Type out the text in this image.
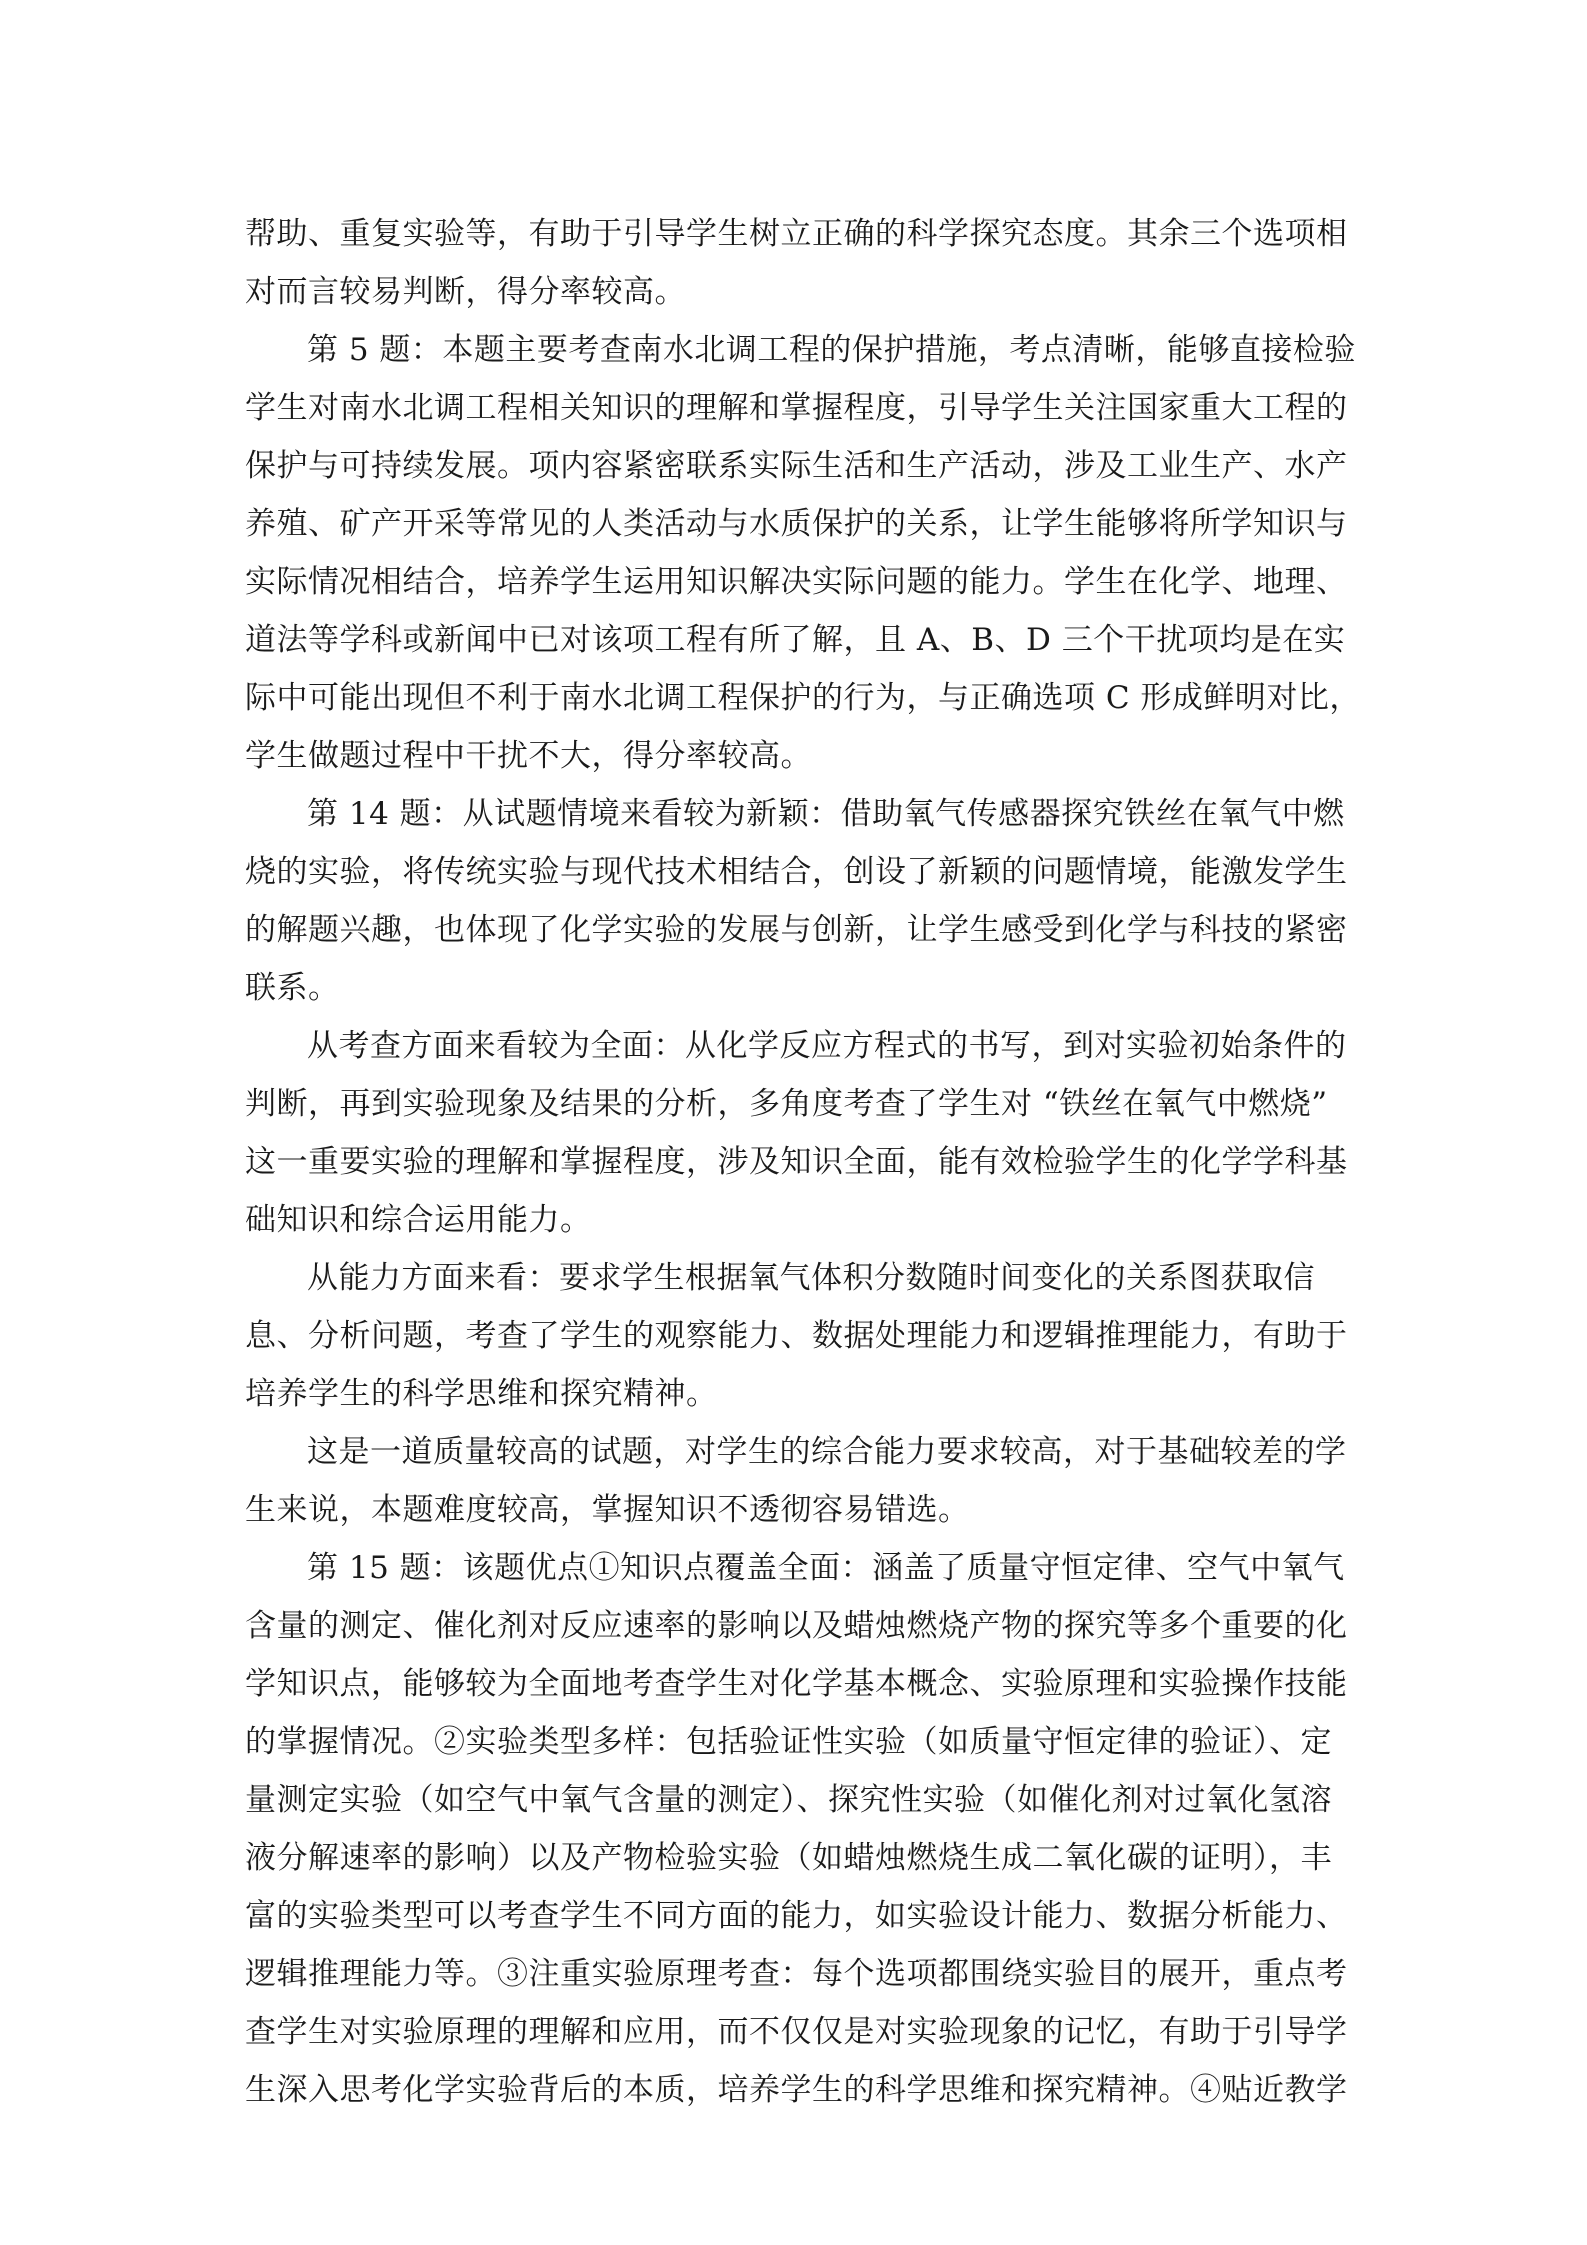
帮助、重复实验等，有助于引导学生树立正确的科学探究态度。其余三个选项相
对而言较易判断，得分率较高。
第 5 题：本题主要考查南水北调工程的保护措施，考点清晰，能够直接检验
学生对南水北调工程相关知识的理解和掌握程度，引导学生关注国家重大工程的
保护与可持续发展。项内容紧密联系实际生活和生产活动，涉及工业生产、水产
养殖、矿产开采等常见的人类活动与水质保护的关系，让学生能够将所学知识与
实际情况相结合，培养学生运用知识解决实际问题的能力。学生在化学、地理、
道法等学科或新闻中已对该项工程有所了解，且 A、B、D 三个干扰项均是在实
际中可能出现但不利于南水北调工程保护的行为，与正确选项 C 形成鲜明对比，
学生做题过程中干扰不大，得分率较高。
第 14 题：从试题情境来看较为新颖：借助氧气传感器探究铁丝在氧气中燃
烧的实验，将传统实验与现代技术相结合，创设了新颖的问题情境，能激发学生
的解题兴趣，也体现了化学实验的发展与创新，让学生感受到化学与科技的紧密
联系。
从考查方面来看较为全面：从化学反应方程式的书写，到对实验初始条件的
判断，再到实验现象及结果的分析，多角度考查了学生对 “铁丝在氧气中燃烧”
这一重要实验的理解和掌握程度，涉及知识全面，能有效检验学生的化学学科基
础知识和综合运用能力。
从能力方面来看：要求学生根据氧气体积分数随时间变化的关系图获取信
息、分析问题，考查了学生的观察能力、数据处理能力和逻辑推理能力，有助于
培养学生的科学思维和探究精神。
这是一道质量较高的试题，对学生的综合能力要求较高，对于基础较差的学
生来说，本题难度较高，掌握知识不透彻容易错选。
第 15 题：该题优点①知识点覆盖全面：涵盖了质量守恒定律、空气中氧气
含量的测定、催化剂对反应速率的影响以及蜡烛燃烧产物的探究等多个重要的化
学知识点，能够较为全面地考查学生对化学基本概念、实验原理和实验操作技能
的掌握情况。②实验类型多样：包括验证性实验（如质量守恒定律的验证）、定
量测定实验（如空气中氧气含量的测定）、探究性实验（如催化剂对过氧化氢溶
液分解速率的影响）以及产物检验实验（如蜡烛燃烧生成二氧化碳的证明），丰
富的实验类型可以考查学生不同方面的能力，如实验设计能力、数据分析能力、
逻辑推理能力等。③注重实验原理考查：每个选项都围绕实验目的展开，重点考
查学生对实验原理的理解和应用，而不仅仅是对实验现象的记忆，有助于引导学
生深入思考化学实验背后的本质，培养学生的科学思维和探究精神。④贴近教学
